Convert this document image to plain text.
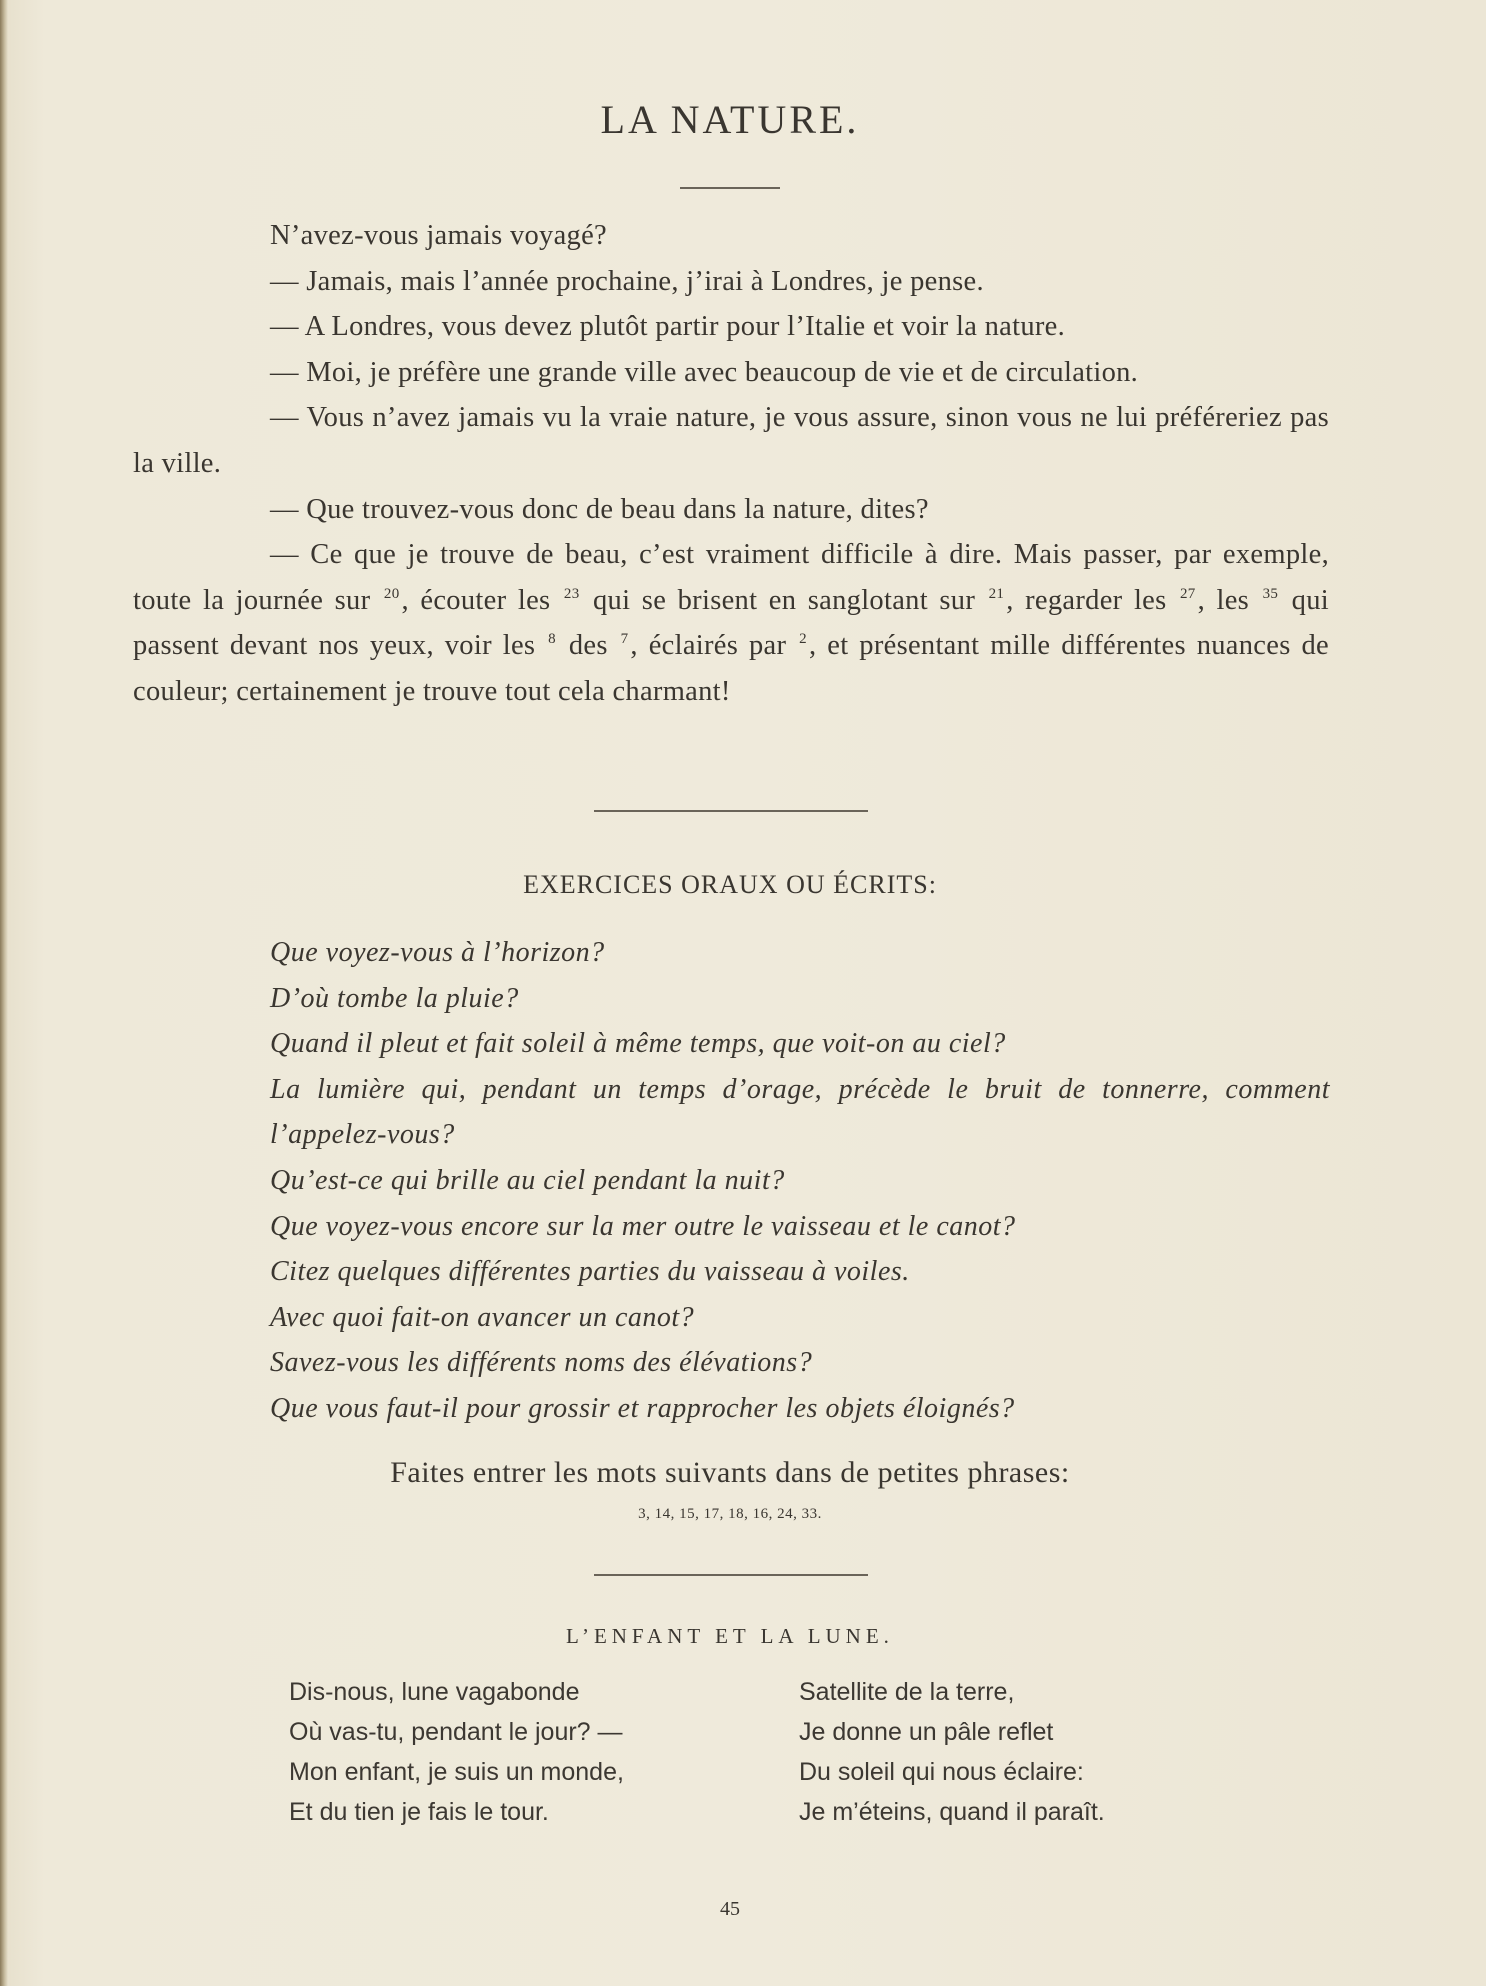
LA NATURE.

N’avez-vous jamais voyagé?

— Jamais, mais l’année prochaine, j’irai à Londres, je pense.

— A Londres, vous devez plutôt partir pour l’Italie et voir la nature.

— Moi, je préfère une grande ville avec beaucoup de vie et de circulation.

— Vous n’avez jamais vu la vraie nature, je vous assure, sinon vous ne lui préféreriez pas la ville.

— Que trouvez-vous donc de beau dans la nature, dites?

— Ce que je trouve de beau, c’est vraiment difficile à dire. Mais passer, par exemple, toute la journée sur $^{20}$, écouter les $^{23}$ qui se brisent en sanglotant sur $^{21}$, regarder les $^{27}$, les $^{35}$ qui passent devant nos yeux, voir les $^8$ des $^7$, éclairés par $^2$, et présentant mille différentes nuances de couleur; certainement je trouve tout cela charmant!

EXERCICES ORAUX OU ÉCRITS:

Que voyez-vous à l’horizon?

D’où tombe la pluie?

Quand il pleut et fait soleil à même temps, que voit-on au ciel?

La lumière qui, pendant un temps d’orage, précède le bruit de tonnerre, comment l’appelez-vous?

Qu’est-ce qui brille au ciel pendant la nuit?

Que voyez-vous encore sur la mer outre le vaisseau et le canot?

Citez quelques différentes parties du vaisseau à voiles.

Avec quoi fait-on avancer un canot?

Savez-vous les différents noms des élévations?

Que vous faut-il pour grossir et rapprocher les objets éloignés?

Faites entrer les mots suivants dans de petites phrases:
3, 14, 15, 17, 18, 16, 24, 33.
L’ENFANT ET LA LUNE.
Dis-nous, lune vagabonde
Où vas-tu, pendant le jour? —
Mon enfant, je suis un monde,
Et du tien je fais le tour.
Satellite de la terre,
Je donne un pâle reflet
Du soleil qui nous éclaire:
Je m’éteins, quand il paraît.
45
